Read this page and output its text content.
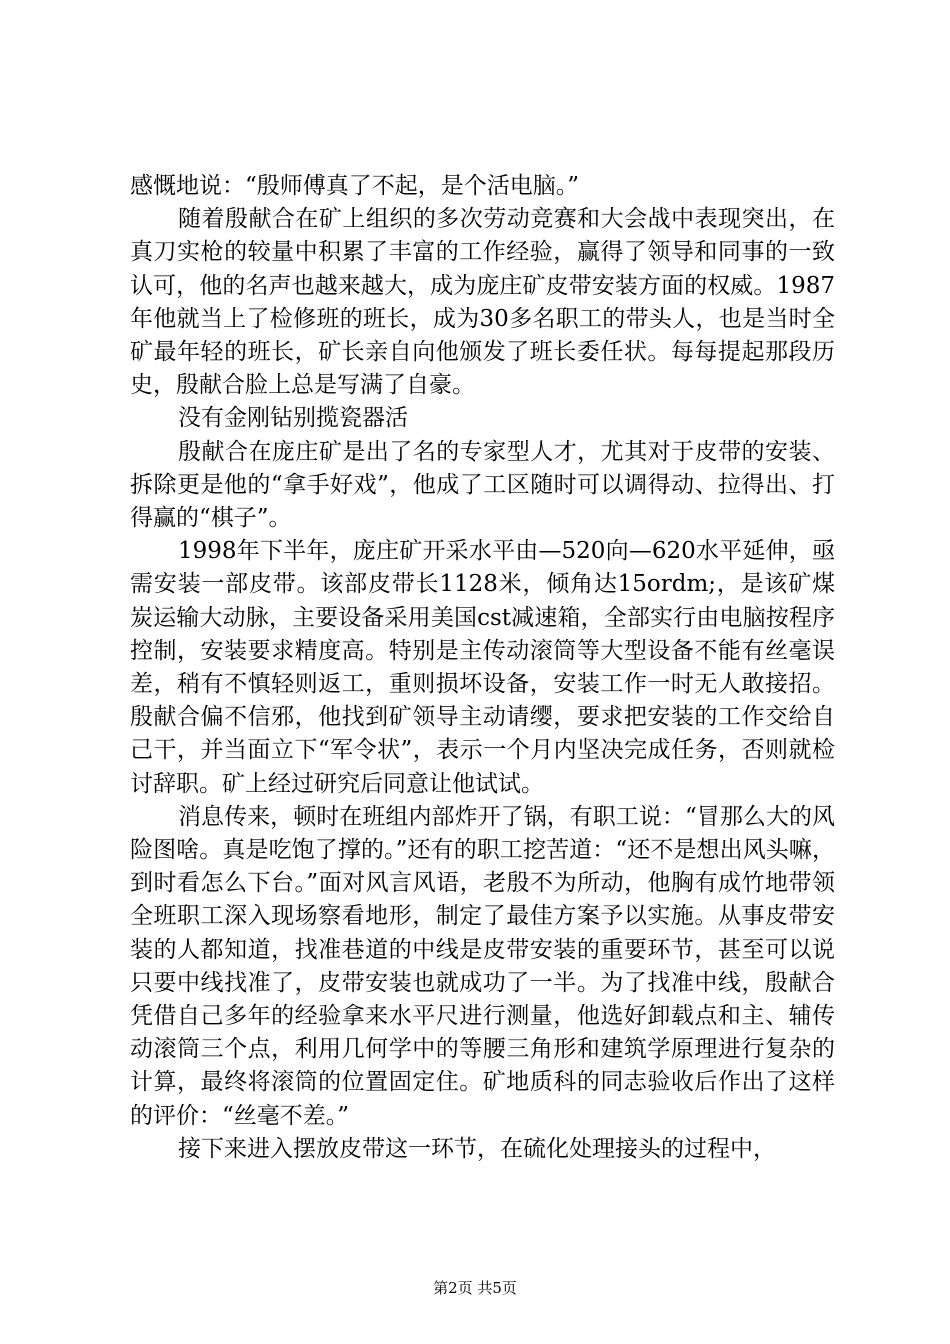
感慨地说：“殷师傅真了不起，是个活电脑。”

随着殷献合在矿上组织的多次劳动竞赛和大会战中表现突出，在真刀实枪的较量中积累了丰富的工作经验，赢得了领导和同事的一致认可，他的名声也越来越大，成为庞庄矿皮带安装方面的权威。1987年他就当上了检修班的班长，成为30多名职工的带头人，也是当时全矿最年轻的班长，矿长亲自向他颁发了班长委任状。每每提起那段历史，殷献合脸上总是写满了自豪。

没有金刚钻别揽瓷器活

殷献合在庞庄矿是出了名的专家型人才，尤其对于皮带的安装、拆除更是他的“拿手好戏”，他成了工区随时可以调得动、拉得出、打得赢的“棋子”。

1998年下半年，庞庄矿开采水平由—520向—620水平延伸，亟需安装一部皮带。该部皮带长1128米，倾角达15ordm;，是该矿煤炭运输大动脉，主要设备采用美国cst减速箱，全部实行由电脑按程序控制，安装要求精度高。特别是主传动滚筒等大型设备不能有丝毫误差，稍有不慎轻则返工，重则损坏设备，安装工作一时无人敢接招。殷献合偏不信邪，他找到矿领导主动请缨，要求把安装的工作交给自己干，并当面立下“军令状”，表示一个月内坚决完成任务，否则就检讨辞职。矿上经过研究后同意让他试试。

消息传来，顿时在班组内部炸开了锅，有职工说：“冒那么大的风险图啥。真是吃饱了撑的。”还有的职工挖苦道：“还不是想出风头嘛，到时看怎么下台。”面对风言风语，老殷不为所动，他胸有成竹地带领全班职工深入现场察看地形，制定了最佳方案予以实施。从事皮带安装的人都知道，找准巷道的中线是皮带安装的重要环节，甚至可以说只要中线找准了，皮带安装也就成功了一半。为了找准中线，殷献合凭借自己多年的经验拿来水平尺进行测量，他选好卸载点和主、辅传动滚筒三个点，利用几何学中的等腰三角形和建筑学原理进行复杂的计算，最终将滚筒的位置固定住。矿地质科的同志验收后作出了这样的评价：“丝毫不差。”

接下来进入摆放皮带这一环节，在硫化处理接头的过程中，

第2页 共5页
